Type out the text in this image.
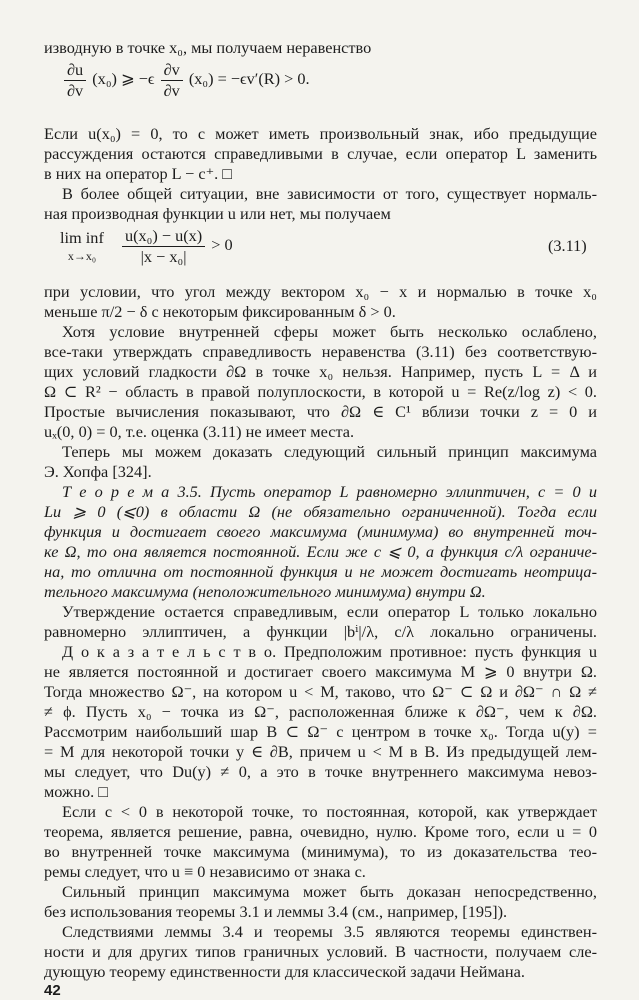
изводную в точке x₀, мы получаем неравенство
$\frac{\partial u}{\partial v} (x_0)$ ⩾ $-\epsilon \frac{\partial v}{\partial v} (x_0) = -\epsilon v'(R) > 0$.
Если u(x₀) = 0, то c может иметь произвольный знак, ибо предыдущие
рассуждения остаются справедливыми в случае, если оператор L заменить
в них на оператор L − c⁺. □
В более общей ситуации, вне зависимости от того, существует нормаль-
ная производная функции u или нет, мы получаем
lim inf
x→x₀
	$\frac{\text{u(x₀) − u(x)}}{\text{|x − x₀|}} > 0$	(3.11)
при условии, что угол между вектором x₀ − x и нормалью в точке x₀
меньше π/2 − δ с некоторым фиксированным δ > 0.
Хотя условие внутренней сферы может быть несколько ослаблено,
все-таки утверждать справедливость неравенства (3.11) без соответствую-
щих условий гладкости ∂Ω в точке x₀ нельзя. Например, пусть L = Δ и
Ω ⊂ R² − область в правой полуплоскости, в которой u = Re(z/log z) < 0.
Простые вычисления показывают, что ∂Ω ∈ C¹ вблизи точки z = 0 и
uₓ(0, 0) = 0, т.е. оценка (3.11) не имеет места.
Теперь мы можем доказать следующий сильный принцип максимума
Э. Хопфа [324].
Т е о р е м а 3.5. Пусть оператор L равномерно эллиптичен, c = 0 u
Lu ⩾ 0 (⩽0) в области Ω (не обязательно ограниченной). Тогда если
функция и достигает своего максимума (минимума) во внутренней точ-
ке Ω, то она является постоянной. Если же c ⩽ 0, а функция c/λ ограниче-
на, то отлична от постоянной функция и не может достигать неотрица-
тельного максимума (неположительного минимума) внутри Ω.
Утверждение остается справедливым, если оператор L только локально
равномерно эллиптичен, а функции |bⁱ|/λ, c/λ локально ограничены.
Д о к а з а т е л ь с т в о. Предположим противное: пусть функция u
не является постоянной и достигает своего максимума M ⩾ 0 внутри Ω.
Тогда множество Ω⁻, на котором u < M, таково, что Ω⁻ ⊂ Ω и ∂Ω⁻ ∩ Ω ≠
≠ ϕ. Пусть x₀ − точка из Ω⁻, расположенная ближе к ∂Ω⁻, чем к ∂Ω.
Рассмотрим наибольший шар B ⊂ Ω⁻ с центром в точке x₀. Тогда u(y) =
= M для некоторой точки y ∈ ∂B, причем u < M в B. Из предыдущей лем-
мы следует, что Du(y) ≠ 0, а это в точке внутреннего максимума невоз-
можно. □
Если c < 0 в некоторой точке, то постоянная, которой, как утверждает
теорема, является решение, равна, очевидно, нулю. Кроме того, если u = 0
во внутренней точке максимума (минимума), то из доказательства тео-
ремы следует, что u ≡ 0 независимо от знака c.
Сильный принцип максимума может быть доказан непосредственно,
без использования теоремы 3.1 и леммы 3.4 (см., например, [195]).
Следствиями леммы 3.4 и теоремы 3.5 являются теоремы единствен-
ности и для других типов граничных условий. В частности, получаем сле-
дующую теорему единственности для классической задачи Неймана.
42
